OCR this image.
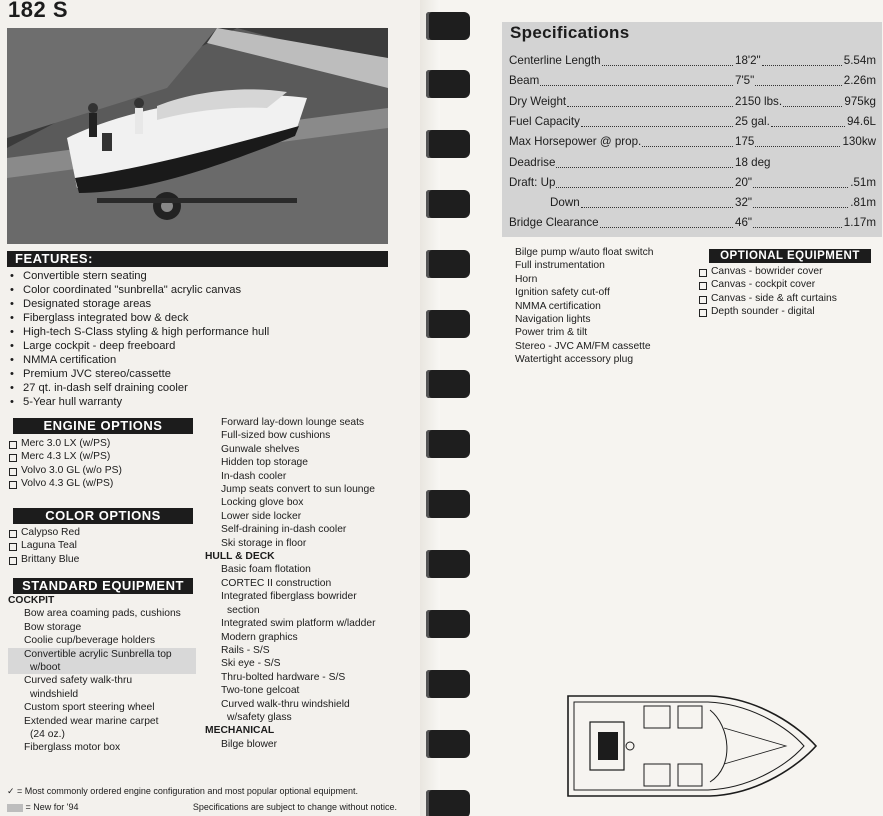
182 S
FEATURES:
• Convertible stern seating
• Color coordinated "sunbrella" acrylic canvas
• Designated storage areas
• Fiberglass integrated bow & deck
• High-tech S-Class styling & high performance hull
• Large cockpit - deep freeboard
• NMMA certification
• Premium JVC stereo/cassette
• 27 qt. in-dash self draining cooler
• 5-Year hull warranty
ENGINE OPTIONS
Merc 3.0 LX (w/PS)
Merc 4.3 LX (w/PS)
Volvo 3.0 GL (w/o PS)
Volvo 4.3 GL (w/PS)
COLOR OPTIONS
Calypso Red
Laguna Teal
Brittany Blue
STANDARD EQUIPMENT
COCKPIT
Bow area coaming pads, cushions
Bow storage
Coolie cup/beverage holders
Convertible acrylic Sunbrella top
w/boot
Curved safety walk-thru
windshield
Custom sport steering wheel
Extended wear marine carpet
(24 oz.)
Fiberglass motor box
Forward lay-down lounge seats
Full-sized bow cushions
Gunwale shelves
Hidden top storage
In-dash cooler
Jump seats convert to sun lounge
Locking glove box
Lower side locker
Self-draining in-dash cooler
Ski storage in floor
HULL & DECK
Basic foam flotation
CORTEC II construction
Integrated fiberglass bowrider
section
Integrated swim platform w/ladder
Modern graphics
Rails - S/S
Ski eye - S/S
Thru-bolted hardware - S/S
Two-tone gelcoat
Curved walk-thru windshield
w/safety glass
MECHANICAL
Bilge blower
✓ = Most commonly ordered engine configuration and most popular optional equipment.
= New for '94	Specifications are subject to change without notice.
Specifications
Centerline Length	18'2"	5.54m
Beam	7'5"	2.26m
Dry Weight	2150 lbs.	975kg
Fuel Capacity	25 gal.	94.6L
Max Horsepower @ prop.	175	130kw
Deadrise	18 deg
Draft: Up	20"	.51m
Down	32"	.81m
Bridge Clearance	46"	1.17m
Bilge pump w/auto float switch
Full instrumentation
Horn
Ignition safety cut-off
NMMA certification
Navigation lights
Power trim & tilt
Stereo - JVC AM/FM cassette
Watertight accessory plug
OPTIONAL EQUIPMENT
Canvas - bowrider cover
Canvas - cockpit cover
Canvas - side & aft curtains
Depth sounder - digital
